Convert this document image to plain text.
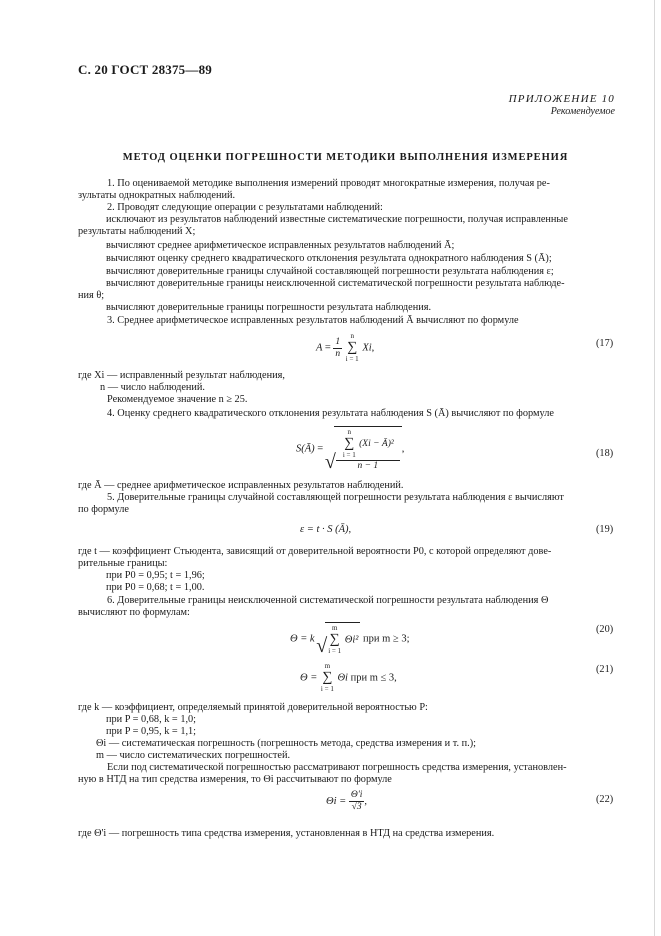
С. 20 ГОСТ 28375—89
ПРИЛОЖЕНИЕ 10
Рекомендуемое
МЕТОД ОЦЕНКИ ПОГРЕШНОСТИ МЕТОДИКИ ВЫПОЛНЕНИЯ ИЗМЕРЕНИЯ
1. По оцениваемой методике выполнения измерений проводят многократные измерения, получая ре-
зультаты однократных наблюдений.
2. Проводят следующие операции с результатами наблюдений:
исключают из результатов наблюдений известные систематические погрешности, получая исправленные
результаты наблюдений X;
вычисляют среднее арифметическое исправленных результатов наблюдений Ā;
вычисляют оценку среднего квадратического отклонения результата однократного наблюдения S (Ā);
вычисляют доверительные границы случайной составляющей погрешности результата наблюдения ε;
вычисляют доверительные границы неисключенной систематической погрешности результата наблюде-
ния θ;
вычисляют доверительные границы погрешности результата наблюдения.
3. Среднее арифметическое исправленных результатов наблюдений Ā вычисляют по формуле
$A = \frac{1}{n}$

n
∑
i = 1
Xi,	(17)
где Xi — исправленный результат наблюдения,
n — число наблюдений.
Рекомендуемое значение n ≥ 25.
4. Оценку среднего квадратического отклонения результата наблюдения S (Ā) вычисляют по формуле
S(Ā) =
√ n
∑
i = 1
(Xi − Ā)²
n − 1
,	(18)
где Ā — среднее арифметическое исправленных результатов наблюдений.
5. Доверительные границы случайной составляющей погрешности результата наблюдения ε вычисляют
по формуле
ε = t · S (Ā),	(19)
где t — коэффициент Стьюдента, зависящий от доверительной вероятности P0, с которой определяют дове-
рительные границы:
при P0 = 0,95; t = 1,96;
при P0 = 0,68; t = 1,00.
6. Доверительные границы неисключенной систематической погрешности результата наблюдения Θ
вычисляют по формулам:
Θ = k
√ m
∑
i = 1
Θi² при m ≥ 3;
(20)
Θ =
m
∑
i = 1
Θi при m ≤ 3,
(21)
где k — коэффициент, определяемый принятой доверительной вероятностью P:
при P = 0,68, k = 1,0;
при P = 0,95, k = 1,1;
Θi — систематическая погрешность (погрешность метода, средства измерения и т. п.);
m — число систематических погрешностей.
Если под систематической погрешностью рассматривают погрешность средства измерения, установлен-
ную в НТД на тип средства измерения, то Θi рассчитывают по формуле
$\Theta i = \frac{\Theta'i}{√3}$ ,	(22)
где Θ'i — погрешность типа средства измерения, установленная в НТД на средства измерения.
